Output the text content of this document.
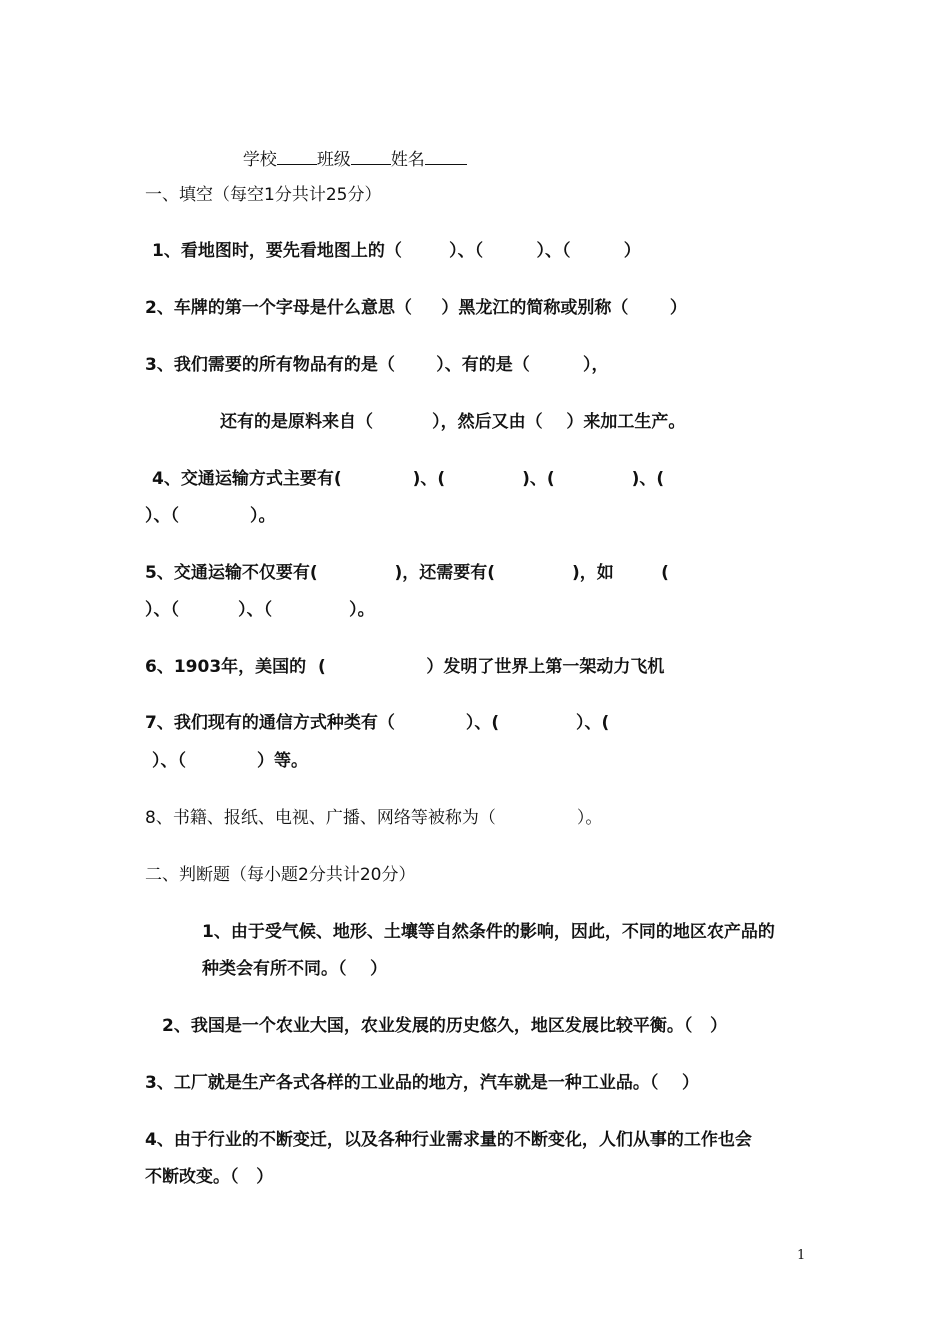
学校 班级 姓名

一、填空（每空1分共计25分）
1、看地图时，要先看地图上的（        ）、（         ）、（         ）
2、车牌的第一个字母是什么意思（     ）黑龙江的简称或别称（       ）
3、我们需要的所有物品有的是（       ）、有的是（         ），
还有的是原料来自（          ），然后又由（    ）来加工生产。
4、交通运输方式主要有(            )、(             )、(             )、(
）、（            ）。
5、交通运输不仅要有(             )，还需要有(             )，如        (
）、（          ）、（             ）。
6、1903年，美国的  (                 ）发明了世界上第一架动力飞机
7、我们现有的通信方式种类有（            ）、(             ）、(
）、（            ）等。
8、书籍、报纸、电视、广播、网络等被称为（               ）。
二、判断题（每小题2分共计20分）
1、由于受气候、地形、土壤等自然条件的影响，因此，不同的地区农产品的
种类会有所不同。（    ）
2、我国是一个农业大国，农业发展的历史悠久，地区发展比较平衡。（   ）
3、工厂就是生产各式各样的工业品的地方，汽车就是一种工业品。（    ）
4、由于行业的不断变迁，以及各种行业需求量的不断变化，人们从事的工作也会
不断改变。（   ）
1
